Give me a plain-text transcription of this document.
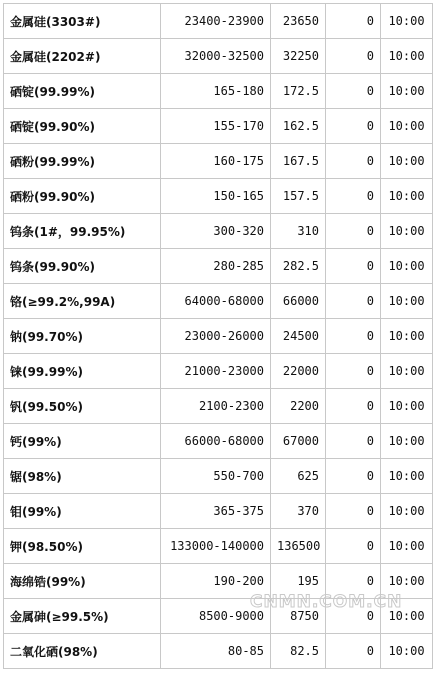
金属硅(3303#)	23400-23900	23650	0	10:00
金属硅(2202#)	32000-32500	32250	0	10:00
硒锭(99.99%)	165-180	172.5	0	10:00
硒锭(99.90%)	155-170	162.5	0	10:00
硒粉(99.99%)	160-175	167.5	0	10:00
硒粉(99.90%)	150-165	157.5	0	10:00
钨条(1#，99.95%)	300-320	310	0	10:00
钨条(99.90%)	280-285	282.5	0	10:00
铬(≥99.2%,99A)	64000-68000	66000	0	10:00
钠(99.70%)	23000-26000	24500	0	10:00
铼(99.99%)	21000-23000	22000	0	10:00
钒(99.50%)	2100-2300	2200	0	10:00
钙(99%)	66000-68000	67000	0	10:00
锯(98%)	550-700	625	0	10:00
钼(99%)	365-375	370	0	10:00
钾(98.50%)	133000-140000	136500	0	10:00
海绵锆(99%)	190-200	195	0	10:00
金属砷(≥99.5%)	8500-9000	8750	0	10:00
二氧化硒(98%)	80-85	82.5	0	10:00
CNMN.COM.CN
